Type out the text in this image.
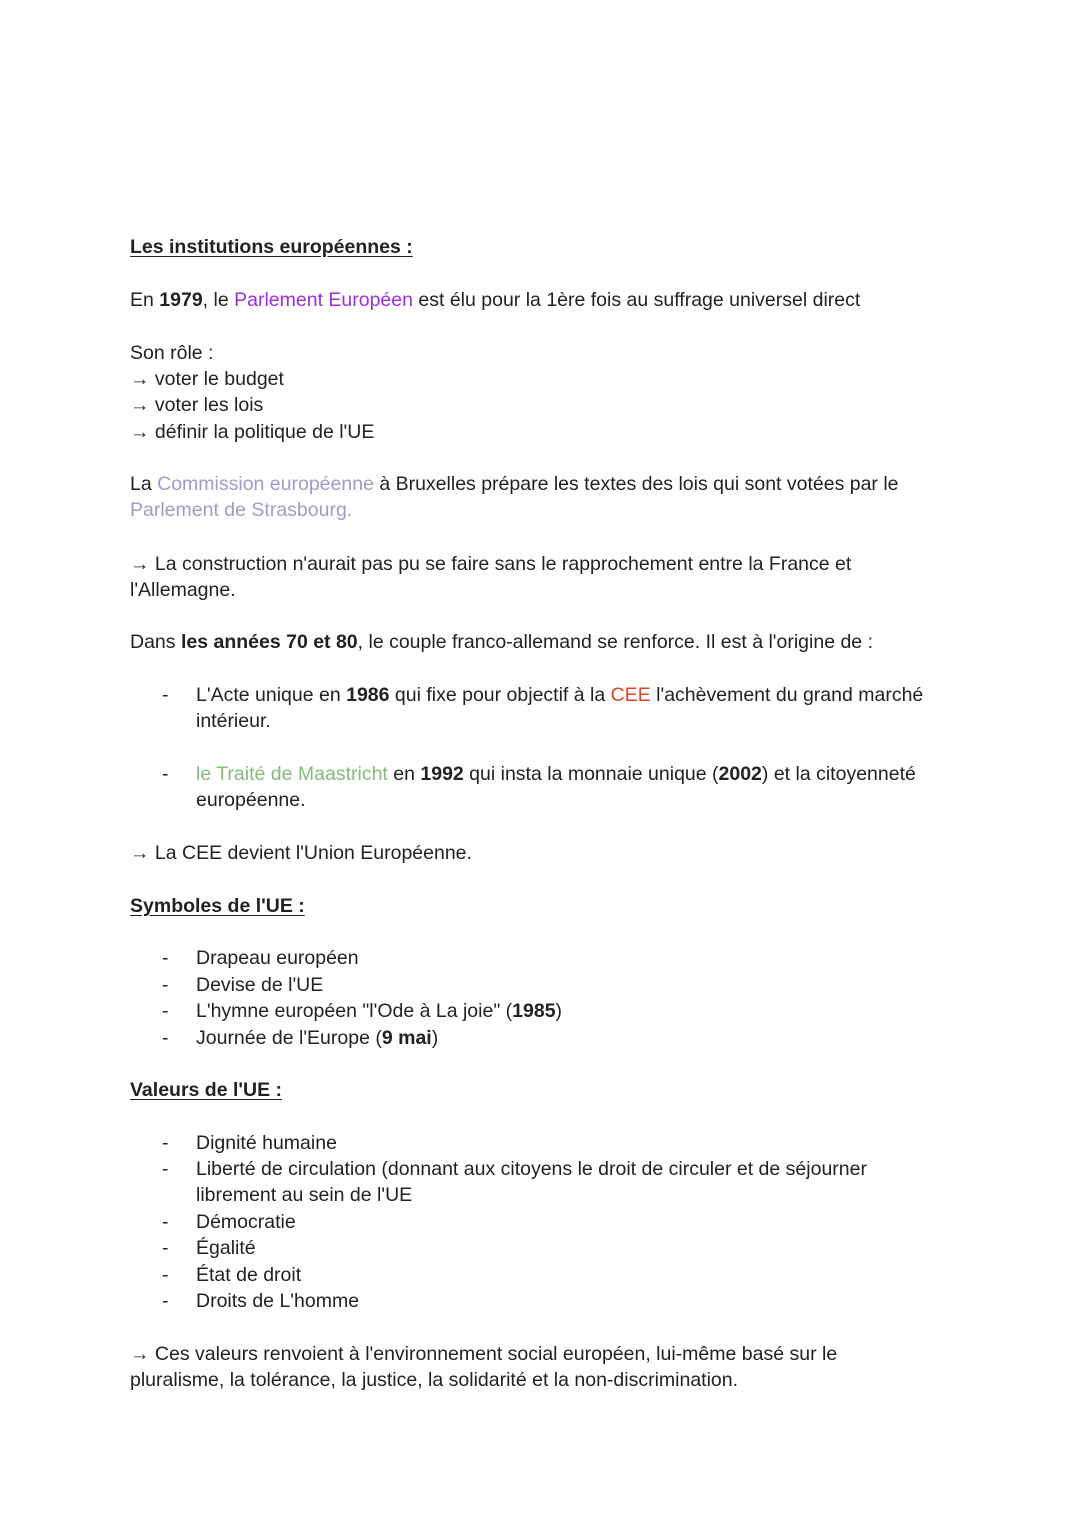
Les institutions européennes :
En 1979, le Parlement Européen est élu pour la 1ère fois au suffrage universel direct
Son rôle :
→ voter le budget
→ voter les lois
→ définir la politique de l'UE
La Commission européenne à Bruxelles prépare les textes des lois qui sont votées par le
Parlement de Strasbourg.
→ La construction n'aurait pas pu se faire sans le rapprochement entre la France et
l'Allemagne.
Dans les années 70 et 80, le couple franco-allemand se renforce. Il est à l'origine de :
- L'Acte unique en 1986 qui fixe pour objectif à la CEE l'achèvement du grand marché
intérieur.
- le Traité de Maastricht en 1992 qui insta la monnaie unique (2002) et la citoyenneté
européenne.
→ La CEE devient l'Union Européenne.
Symboles de l'UE :
- Drapeau européen
- Devise de l'UE
- L'hymne européen "l'Ode à La joie" (1985)
- Journée de l'Europe (9 mai)
Valeurs de l'UE :
- Dignité humaine
- Liberté de circulation (donnant aux citoyens le droit de circuler et de séjourner
librement au sein de l'UE
- Démocratie
- Égalité
- État de droit
- Droits de L'homme
→ Ces valeurs renvoient à l'environnement social européen, lui-même basé sur le
pluralisme, la tolérance, la justice, la solidarité et la non-discrimination.
